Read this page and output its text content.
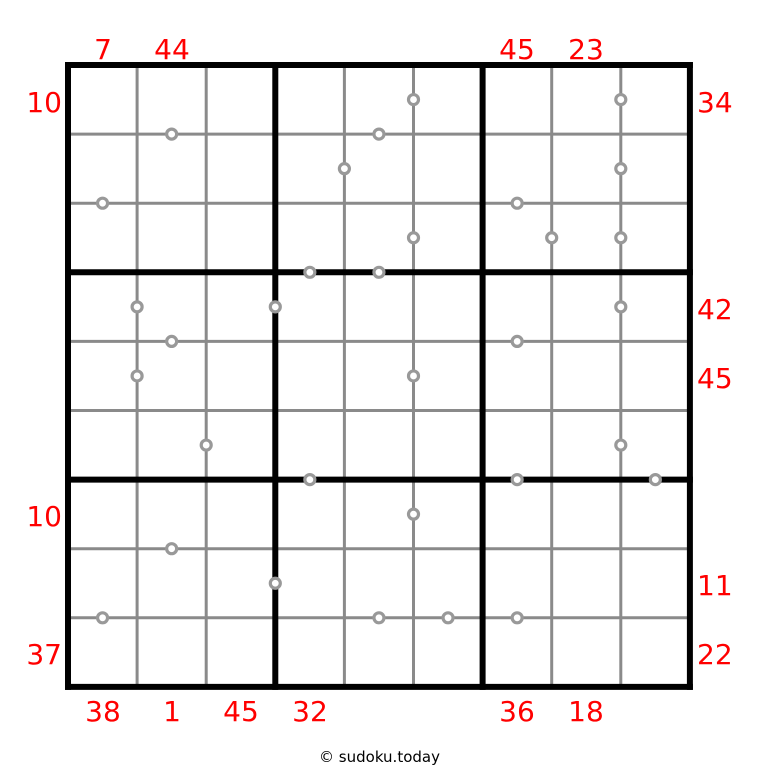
7	44	45	23
38	1	45	32	36	18
10
10
37
34
42
45
11
22
© sudoku.today
